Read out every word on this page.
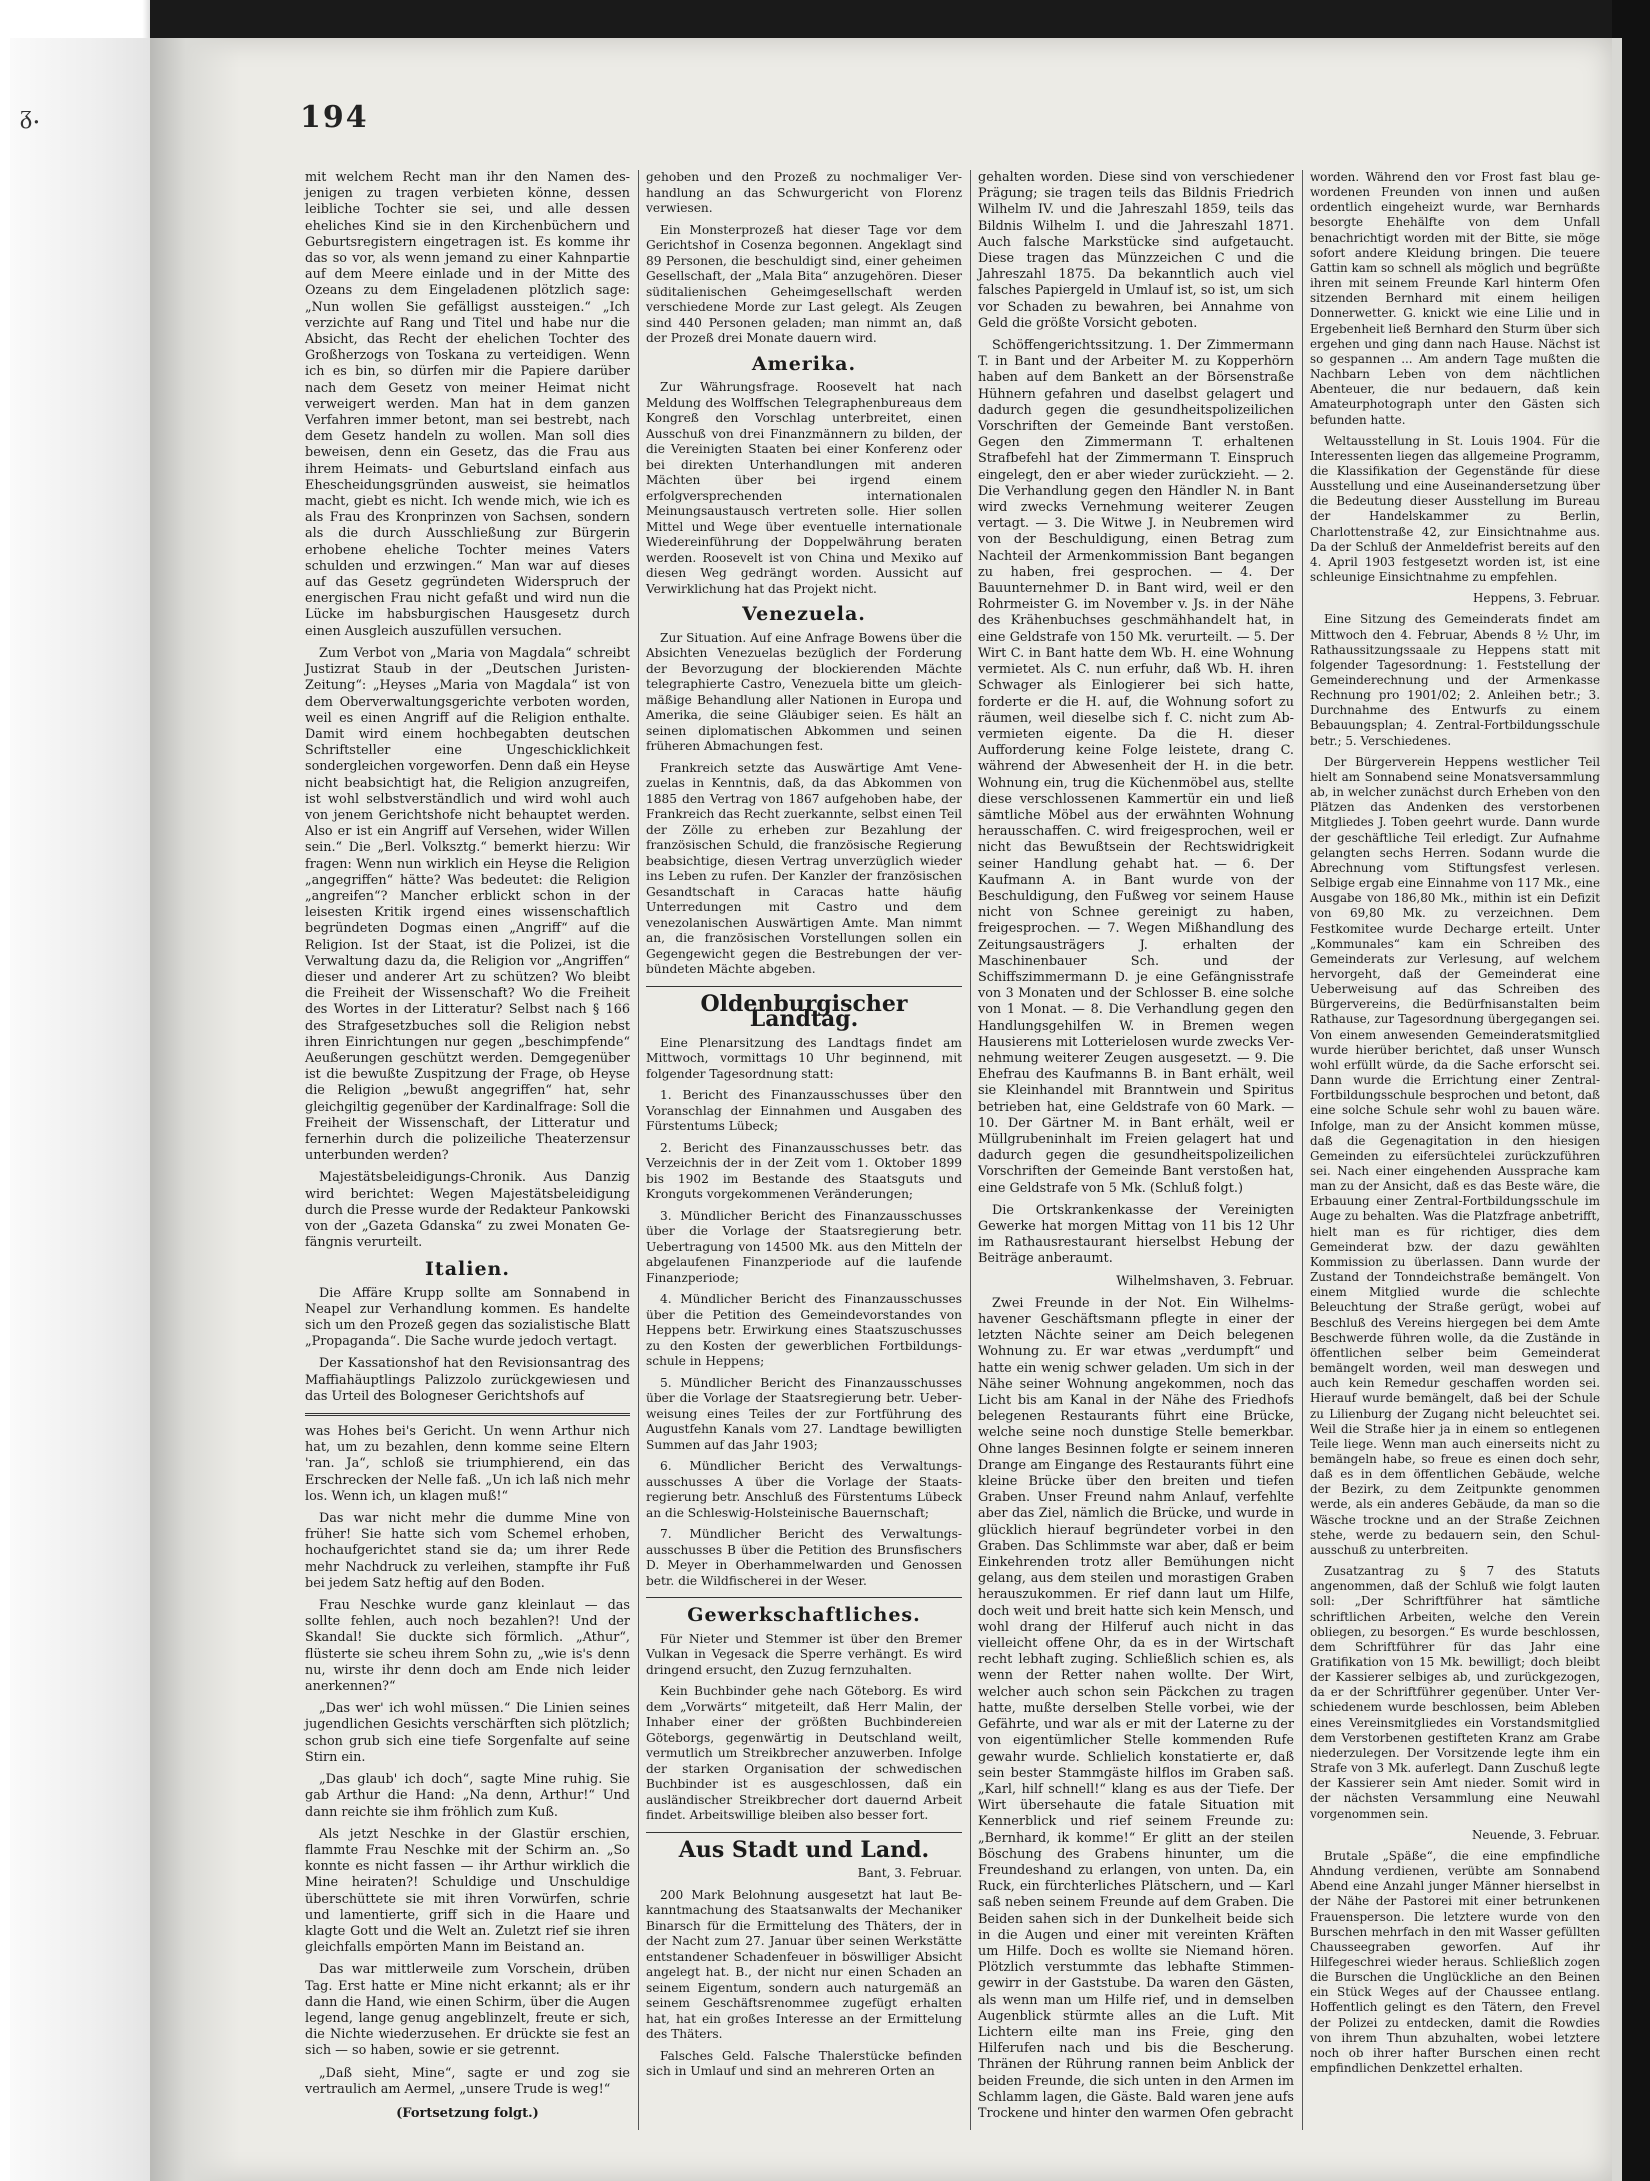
ᵹ.	194

mit welchem Recht man ihr den Namen desjenigen zu tragen verbieten könne, dessen leibliche Tochter sie sei, und alle dessen eheliches Kind sie in den Kirchenbüchern und Geburtsregistern eingetragen ist. Es komme ihr das so vor, als wenn jemand zu einer Kahnpartie auf dem Meere einlade und in der Mitte des Ozeans zu dem Eingeladenen plötzlich sage: „Nun wollen Sie gefälligst aussteigen.“ „Ich verzichte auf Rang und Titel und habe nur die Absicht, das Recht der ehelichen Tochter des Großherzogs von Toskana zu verteidigen. Wenn ich es bin, so dürfen mir die Papiere darüber nach dem Gesetz von meiner Heimat nicht verweigert werden. Man hat in dem ganzen Verfahren immer betont, man sei bestrebt, nach dem Gesetz handeln zu wollen. Man soll dies beweisen, denn ein Gesetz, das die Frau aus ihrem Heimats- und Geburtsland einfach aus Ehescheidungsgründen ausweist, sie heimatlos macht, giebt es nicht. Ich wende mich, wie ich es als Frau des Kronprinzen von Sachsen, sondern als die durch Ausschließung zur Bürgerin erhobene eheliche Tochter meines Vaters schulden und erzwingen.“ Man war auf dieses auf das Gesetz gegründeten Widerspruch der energischen Frau nicht gefaßt und wird nun die Lücke im habsburgischen Hausgesetz durch einen Ausgleich auszufüllen versuchen.

Zum Verbot von „Maria von Magdala“ schreibt Justizrat Staub in der „Deutschen Juristen-Zeitung“: „Heyses „Maria von Magdala“ ist von dem Oberverwaltungsgerichte verboten worden, weil es einen Angriff auf die Religion enthalte. Damit wird einem hochbegabten deutschen Schriftsteller eine Ungeschicklichkeit sondergleichen vorgeworfen. Denn daß ein Heyse nicht beabsichtigt hat, die Religion anzugreifen, ist wohl selbstverständlich und wird wohl auch von jenem Gerichtshofe nicht behauptet werden. Also er ist ein Angriff auf Versehen, wider Willen sein.“ Die „Berl. Volksztg.“ bemerkt hierzu: Wir fragen: Wenn nun wirklich ein Heyse die Religion „angegriffen“ hätte? Was bedeutet: die Religion „angreifen“? Mancher erblickt schon in der leisesten Kritik irgend eines wissenschaftlich begründeten Dogmas einen „Angriff“ auf die Religion. Ist der Staat, ist die Polizei, ist die Verwaltung dazu da, die Religion vor „Angriffen“ dieser und anderer Art zu schützen? Wo bleibt die Freiheit der Wissenschaft? Wo die Freiheit des Wortes in der Litteratur? Selbst nach § 166 des Strafgesetzbuches soll die Religion nebst ihren Einrichtungen nur gegen „beschimpfende“ Aeußerungen geschützt werden. Demgegenüber ist die bewußte Zuspitzung der Frage, ob Heyse die Religion „bewußt angegriffen“ hat, sehr gleichgiltig gegenüber der Kardinalfrage: Soll die Freiheit der Wissenschaft, der Litteratur und fernerhin durch die polizeiliche Theaterzensur unterbunden werden?

Majestätsbeleidigungs-Chronik. Aus Danzig wird berichtet: Wegen Majestätsbeleidigung durch die Presse wurde der Redakteur Pankowski von der „Gazeta Gdanska“ zu zwei Monaten Gefängnis verurteilt.

Italien.

Die Affäre Krupp sollte am Sonnabend in Neapel zur Verhandlung kommen. Es handelte sich um den Prozeß gegen das sozialistische Blatt „Propaganda“. Die Sache wurde jedoch vertagt.

Der Kassationshof hat den Revisionsantrag des Maffiahäuptlings Palizzolo zurückgewiesen und das Urteil des Bologneser Gerichtshofs auf

was Hohes bei's Gericht. Un wenn Arthur nich hat, um zu bezahlen, denn komme seine Eltern 'ran. Ja“, schloß sie triumphierend, ein das Erschrecken der Nelle faß. „Un ich laß nich mehr los. Wenn ich, un klagen muß!“

Das war nicht mehr die dumme Mine von früher! Sie hatte sich vom Schemel erhoben, hochaufgerichtet stand sie da; um ihrer Rede mehr Nachdruck zu verleihen, stampfte ihr Fuß bei jedem Satz heftig auf den Boden.

Frau Neschke wurde ganz kleinlaut — das sollte fehlen, auch noch bezahlen?! Und der Skandal! Sie duckte sich förmlich. „Athur“, flüsterte sie scheu ihrem Sohn zu, „wie is's denn nu, wirste ihr denn doch am Ende nich leider anerkennen?“

„Das wer' ich wohl müssen.“ Die Linien seines jugendlichen Gesichts verschärften sich plötzlich; schon grub sich eine tiefe Sorgenfalte auf seine Stirn ein.

„Das glaub' ich doch“, sagte Mine ruhig. Sie gab Arthur die Hand: „Na denn, Arthur!“ Und dann reichte sie ihm fröhlich zum Kuß.

Als jetzt Neschke in der Glastür erschien, flammte Frau Neschke mit der Schirm an. „So konnte es nicht fassen — ihr Arthur wirklich die Mine heiraten?! Schuldige und Unschuldige überschüttete sie mit ihren Vorwürfen, schrie und lamentierte, griff sich in die Haare und klagte Gott und die Welt an. Zuletzt rief sie ihren gleichfalls empörten Mann im Beistand an.

Das war mittlerweile zum Vorschein, drüben Tag. Erst hatte er Mine nicht erkannt; als er ihr dann die Hand, wie einen Schirm, über die Augen legend, lange genug angeblinzelt, freute er sich, die Nichte wiederzusehen. Er drückte sie fest an sich — so haben, sowie er sie getrennt.

„Daß sieht, Mine“, sagte er und zog sie vertraulich am Aermel, „unsere Trude is weg!“

(Fortsetzung folgt.)

gehoben und den Prozeß zu nochmaliger Verhandlung an das Schwurgericht von Florenz verwiesen.

Ein Monsterprozeß hat dieser Tage vor dem Gerichtshof in Cosenza begonnen. Angeklagt sind 89 Personen, die beschuldigt sind, einer geheimen Gesellschaft, der „Mala Bita“ anzugehören. Dieser süditalienischen Geheimgesellschaft werden verschiedene Morde zur Last gelegt. Als Zeugen sind 440 Personen geladen; man nimmt an, daß der Prozeß drei Monate dauern wird.

Amerika.

Zur Währungsfrage. Roosevelt hat nach Meldung des Wolffschen Telegraphenbureaus dem Kongreß den Vorschlag unterbreitet, einen Ausschuß von drei Finanzmännern zu bilden, der die Vereinigten Staaten bei einer Konferenz oder bei direkten Unterhandlungen mit anderen Mächten über bei irgend einem erfolgversprechenden internationalen Meinungsaustausch vertreten solle. Hier sollen Mittel und Wege über eventuelle internationale Wiedereinführung der Doppelwährung beraten werden. Roosevelt ist von China und Mexiko auf diesen Weg gedrängt worden. Aussicht auf Verwirklichung hat das Projekt nicht.

Venezuela.

Zur Situation. Auf eine Anfrage Bowens über die Absichten Venezuelas bezüglich der Forderung der Bevorzugung der blockierenden Mächte telegraphierte Castro, Venezuela bitte um gleichmäßige Behandlung aller Nationen in Europa und Amerika, die seine Gläubiger seien. Es hält an seinen diplomatischen Abkommen und seinen früheren Abmachungen fest.

Frankreich setzte das Auswärtige Amt Venezuelas in Kenntnis, daß, da das Abkommen von 1885 den Vertrag von 1867 aufgehoben habe, der Frankreich das Recht zuerkannte, selbst einen Teil der Zölle zu erheben zur Bezahlung der französischen Schuld, die französische Regierung beabsichtige, diesen Vertrag unverzüglich wieder ins Leben zu rufen. Der Kanzler der französischen Gesandtschaft in Caracas hatte häufig Unterredungen mit Castro und dem venezolanischen Auswärtigen Amte. Man nimmt an, die französischen Vorstellungen sollen ein Gegengewicht gegen die Bestrebungen der verbündeten Mächte abgeben.

Oldenburgischer Landtag.

Eine Plenarsitzung des Landtags findet am Mittwoch, vormittags 10 Uhr beginnend, mit folgender Tagesordnung statt:

1. Bericht des Finanzausschusses über den Voranschlag der Einnahmen und Ausgaben des Fürstentums Lübeck;

2. Bericht des Finanzausschusses betr. das Verzeichnis der in der Zeit vom 1. Oktober 1899 bis 1902 im Bestande des Staatsguts und Kronguts vorgekommenen Veränderungen;

3. Mündlicher Bericht des Finanzausschusses über die Vorlage der Staatsregierung betr. Uebertragung von 14500 Mk. aus den Mitteln der abgelaufenen Finanzperiode auf die laufende Finanzperiode;

4. Mündlicher Bericht des Finanzausschusses über die Petition des Gemeindevorstandes von Heppens betr. Erwirkung eines Staatszuschusses zu den Kosten der gewerblichen Fortbildungsschule in Heppens;

5. Mündlicher Bericht des Finanzausschusses über die Vorlage der Staatsregierung betr. Ueberweisung eines Teiles der zur Fortführung des Augustfehn Kanals vom 27. Landtage bewilligten Summen auf das Jahr 1903;

6. Mündlicher Bericht des Verwaltungsausschusses A über die Vorlage der Staatsregierung betr. Anschluß des Fürstentums Lübeck an die Schleswig-Holsteinische Bauernschaft;

7. Mündlicher Bericht des Verwaltungsausschusses B über die Petition des Brunsfischers D. Meyer in Oberhammelwarden und Genossen betr. die Wildfischerei in der Weser.

Gewerkschaftliches.

Für Nieter und Stemmer ist über den Bremer Vulkan in Vegesack die Sperre verhängt. Es wird dringend ersucht, den Zuzug fernzuhalten.

Kein Buchbinder gehe nach Göteborg. Es wird dem „Vorwärts“ mitgeteilt, daß Herr Malin, der Inhaber einer der größten Buchbindereien Göteborgs, gegenwärtig in Deutschland weilt, vermutlich um Streikbrecher anzuwerben. Infolge der starken Organisation der schwedischen Buchbinder ist es ausgeschlossen, daß ein ausländischer Streikbrecher dort dauernd Arbeit findet. Arbeitswillige bleiben also besser fort.

Aus Stadt und Land.

Bant, 3. Februar.

200 Mark Belohnung ausgesetzt hat laut Bekanntmachung des Staatsanwalts der Mechaniker Binarsch für die Ermittelung des Thäters, der in der Nacht zum 27. Januar über seinen Werkstätte entstandener Schadenfeuer in böswilliger Absicht angelegt hat. B., der nicht nur einen Schaden an seinem Eigentum, sondern auch naturgemäß an seinem Geschäftsrenommee zugefügt erhalten hat, hat ein großes Interesse an der Ermittelung des Thäters.

Falsches Geld. Falsche Thalerstücke befinden sich in Umlauf und sind an mehreren Orten an

gehalten worden. Diese sind von verschiedener Prägung; sie tragen teils das Bildnis Friedrich Wilhelm IV. und die Jahreszahl 1859, teils das Bildnis Wilhelm I. und die Jahreszahl 1871. Auch falsche Markstücke sind aufgetaucht. Diese tragen das Münzzeichen C und die Jahreszahl 1875. Da bekanntlich auch viel falsches Papiergeld in Umlauf ist, so ist, um sich vor Schaden zu bewahren, bei Annahme von Geld die größte Vorsicht geboten.

Schöffengerichtssitzung. 1. Der Zimmermann T. in Bant und der Arbeiter M. zu Kopperhörn haben auf dem Bankett an der Börsenstraße Hühnern gefahren und daselbst gelagert und dadurch gegen die gesundheitspolizeilichen Vorschriften der Gemeinde Bant verstoßen. Gegen den Zimmermann T. erhaltenen Strafbefehl hat der Zimmermann T. Einspruch eingelegt, den er aber wieder zurückzieht. — 2. Die Verhandlung gegen den Händler N. in Bant wird zwecks Vernehmung weiterer Zeugen vertagt. — 3. Die Witwe J. in Neubremen wird von der Beschuldigung, einen Betrag zum Nachteil der Armenkommission Bant begangen zu haben, frei gesprochen. — 4. Der Bauunternehmer D. in Bant wird, weil er den Rohrmeister G. im November v. Js. in der Nähe des Krähenbuchses geschmähhandelt hat, in eine Geldstrafe von 150 Mk. verurteilt. — 5. Der Wirt C. in Bant hatte dem Wb. H. eine Wohnung vermietet. Als C. nun erfuhr, daß Wb. H. ihren Schwager als Einlogierer bei sich hatte, forderte er die H. auf, die Wohnung sofort zu räumen, weil dieselbe sich f. C. nicht zum Abvermieten eigente. Da die H. dieser Aufforderung keine Folge leistete, drang C. während der Abwesenheit der H. in die betr. Wohnung ein, trug die Küchenmöbel aus, stellte diese verschlossenen Kammertür ein und ließ sämtliche Möbel aus der erwähnten Wohnung herausschaffen. C. wird freigesprochen, weil er nicht das Bewußtsein der Rechtswidrigkeit seiner Handlung gehabt hat. — 6. Der Kaufmann A. in Bant wurde von der Beschuldigung, den Fußweg vor seinem Hause nicht von Schnee gereinigt zu haben, freigesprochen. — 7. Wegen Mißhandlung des Zeitungsausträgers J. erhalten der Maschinenbauer Sch. und der Schiffszimmermann D. je eine Gefängnisstrafe von 3 Monaten und der Schlosser B. eine solche von 1 Monat. — 8. Die Verhandlung gegen den Handlungsgehilfen W. in Bremen wegen Hausierens mit Lotterielosen wurde zwecks Vernehmung weiterer Zeugen ausgesetzt. — 9. Die Ehefrau des Kaufmanns B. in Bant erhält, weil sie Kleinhandel mit Branntwein und Spiritus betrieben hat, eine Geldstrafe von 60 Mark. — 10. Der Gärtner M. in Bant erhält, weil er Müllgrubeninhalt im Freien gelagert hat und dadurch gegen die gesundheitspolizeilichen Vorschriften der Gemeinde Bant verstoßen hat, eine Geldstrafe von 5 Mk. (Schluß folgt.)

Die Ortskrankenkasse der Vereinigten Gewerke hat morgen Mittag von 11 bis 12 Uhr im Rathausrestaurant hierselbst Hebung der Beiträge anberaumt.

Wilhelmshaven, 3. Februar.

Zwei Freunde in der Not. Ein Wilhelmshavener Geschäftsmann pflegte in einer der letzten Nächte seiner am Deich belegenen Wohnung zu. Er war etwas „verdumpft“ und hatte ein wenig schwer geladen. Um sich in der Nähe seiner Wohnung angekommen, noch das Licht bis am Kanal in der Nähe des Friedhofs belegenen Restaurants führt eine Brücke, welche seine noch dunstige Stelle bemerkbar. Ohne langes Besinnen folgte er seinem inneren Drange am Eingange des Restaurants führt eine kleine Brücke über den breiten und tiefen Graben. Unser Freund nahm Anlauf, verfehlte aber das Ziel, nämlich die Brücke, und wurde in glücklich hierauf begründeter vorbei in den Graben. Das Schlimmste war aber, daß er beim Einkehrenden trotz aller Bemühungen nicht gelang, aus dem steilen und morastigen Graben herauszukommen. Er rief dann laut um Hilfe, doch weit und breit hatte sich kein Mensch, und wohl drang der Hilferuf auch nicht in das vielleicht offene Ohr, da es in der Wirtschaft recht lebhaft zuging. Schließlich schien es, als wenn der Retter nahen wollte. Der Wirt, welcher auch schon sein Päckchen zu tragen hatte, mußte derselben Stelle vorbei, wie der Gefährte, und war als er mit der Laterne zu der von eigentümlicher Stelle kommenden Rufe gewahr wurde. Schlielich konstatierte er, daß sein bester Stammgäste hilflos im Graben saß. „Karl, hilf schnell!“ klang es aus der Tiefe. Der Wirt übersehaute die fatale Situation mit Kennerblick und rief seinem Freunde zu: „Bernhard, ik komme!“ Er glitt an der steilen Böschung des Grabens hinunter, um die Freundeshand zu erlangen, von unten. Da, ein Ruck, ein fürchterliches Plätschern, und — Karl saß neben seinem Freunde auf dem Graben. Die Beiden sahen sich in der Dunkelheit beide sich in die Augen und einer mit vereinten Kräften um Hilfe. Doch es wollte sie Niemand hören. Plötzlich verstummte das lebhafte Stimmengewirr in der Gaststube. Da waren den Gästen, als wenn man um Hilfe rief, und in demselben Augenblick stürmte alles an die Luft. Mit Lichtern eilte man ins Freie, ging den Hilferufen nach und bis die Bescherung. Thränen der Rührung rannen beim Anblick der beiden Freunde, die sich unten in den Armen im Schlamm lagen, die Gäste. Bald waren jene aufs Trockene und hinter den warmen Ofen gebracht

worden. Während den vor Frost fast blau gewordenen Freunden von innen und außen ordentlich eingeheizt wurde, war Bernhards besorgte Ehehälfte von dem Unfall benachrichtigt worden mit der Bitte, sie möge sofort andere Kleidung bringen. Die teuere Gattin kam so schnell als möglich und begrüßte ihren mit seinem Freunde Karl hinterm Ofen sitzenden Bernhard mit einem heiligen Donnerwetter. G. knickt wie eine Lilie und in Ergebenheit ließ Bernhard den Sturm über sich ergehen und ging dann nach Hause. Nächst ist so gespannen ... Am andern Tage mußten die Nachbarn Leben von dem nächtlichen Abenteuer, die nur bedauern, daß kein Amateurphotograph unter den Gästen sich befunden hatte.

Weltausstellung in St. Louis 1904. Für die Interessenten liegen das allgemeine Programm, die Klassifikation der Gegenstände für diese Ausstellung und eine Auseinandersetzung über die Bedeutung dieser Ausstellung im Bureau der Handelskammer zu Berlin, Charlottenstraße 42, zur Einsichtnahme aus. Da der Schluß der Anmeldefrist bereits auf den 4. April 1903 festgesetzt worden ist, ist eine schleunige Einsichtnahme zu empfehlen.

Heppens, 3. Februar.

Eine Sitzung des Gemeinderats findet am Mittwoch den 4. Februar, Abends 8 ½ Uhr, im Rathaussitzungssaale zu Heppens statt mit folgender Tagesordnung: 1. Feststellung der Gemeinderechnung und der Armenkasse Rechnung pro 1901/02; 2. Anleihen betr.; 3. Durchnahme des Entwurfs zu einem Bebauungsplan; 4. Zentral-Fortbildungsschule betr.; 5. Verschiedenes.

Der Bürgerverein Heppens westlicher Teil hielt am Sonnabend seine Monatsversammlung ab, in welcher zunächst durch Erheben von den Plätzen das Andenken des verstorbenen Mitgliedes J. Toben geehrt wurde. Dann wurde der geschäftliche Teil erledigt. Zur Aufnahme gelangten sechs Herren. Sodann wurde die Abrechnung vom Stiftungsfest verlesen. Selbige ergab eine Einnahme von 117 Mk., eine Ausgabe von 186,80 Mk., mithin ist ein Defizit von 69,80 Mk. zu verzeichnen. Dem Festkomitee wurde Decharge erteilt. Unter „Kommunales“ kam ein Schreiben des Gemeinderats zur Verlesung, auf welchem hervorgeht, daß der Gemeinderat eine Ueberweisung auf das Schreiben des Bürgervereins, die Bedürfnisanstalten beim Rathause, zur Tagesordnung übergegangen sei. Von einem anwesenden Gemeinderatsmitglied wurde hierüber berichtet, daß unser Wunsch wohl erfüllt würde, da die Sache erforscht sei. Dann wurde die Errichtung einer Zentral-Fortbildungsschule besprochen und betont, daß eine solche Schule sehr wohl zu bauen wäre. Infolge, man zu der Ansicht kommen müsse, daß die Gegenagitation in den hiesigen Gemeinden zu eifersüchtelei zurückzuführen sei. Nach einer eingehenden Aussprache kam man zu der Ansicht, daß es das Beste wäre, die Erbauung einer Zentral-Fortbildungsschule im Auge zu behalten. Was die Platzfrage anbetrifft, hielt man es für richtiger, dies dem Gemeinderat bzw. der dazu gewählten Kommission zu überlassen. Dann wurde der Zustand der Tonndeichstraße bemängelt. Von einem Mitglied wurde die schlechte Beleuchtung der Straße gerügt, wobei auf Beschluß des Vereins hiergegen bei dem Amte Beschwerde führen wolle, da die Zustände in öffentlichen selber beim Gemeinderat bemängelt worden, weil man deswegen und auch kein Remedur geschaffen worden sei. Hierauf wurde bemängelt, daß bei der Schule zu Lilienburg der Zugang nicht beleuchtet sei. Weil die Straße hier ja in einem so entlegenen Teile liege. Wenn man auch einerseits nicht zu bemängeln habe, so freue es einen doch sehr, daß es in dem öffentlichen Gebäude, welche der Bezirk, zu dem Zeitpunkte genommen werde, als ein anderes Gebäude, da man so die Wäsche trockne und an der Straße Zeichnen stehe, werde zu bedauern sein, den Schulausschuß zu unterbreiten.

Zusatzantrag zu § 7 des Statuts angenommen, daß der Schluß wie folgt lauten soll: „Der Schriftführer hat sämtliche schriftlichen Arbeiten, welche den Verein obliegen, zu besorgen.“ Es wurde beschlossen, dem Schriftführer für das Jahr eine Gratifikation von 15 Mk. bewilligt; doch bleibt der Kassierer selbiges ab, und zurückgezogen, da er der Schriftführer gegenüber. Unter Verschiedenem wurde beschlossen, beim Ableben eines Vereinsmitgliedes ein Vorstandsmitglied dem Verstorbenen gestifteten Kranz am Grabe niederzulegen. Der Vorsitzende legte ihm ein Strafe von 3 Mk. auferlegt. Dann Zuschuß legte der Kassierer sein Amt nieder. Somit wird in der nächsten Versammlung eine Neuwahl vorgenommen sein.

Neuende, 3. Februar.

Brutale „Späße“, die eine empfindliche Ahndung verdienen, verübte am Sonnabend Abend eine Anzahl junger Männer hierselbst in der Nähe der Pastorei mit einer betrunkenen Frauensperson. Die letztere wurde von den Burschen mehrfach in den mit Wasser gefüllten Chausseegraben geworfen. Auf ihr Hilfegeschrei wieder heraus. Schließlich zogen die Burschen die Unglückliche an den Beinen ein Stück Weges auf der Chaussee entlang. Hoffentlich gelingt es den Tätern, den Frevel der Polizei zu entdecken, damit die Rowdies von ihrem Thun abzuhalten, wobei letztere noch ob ihrer hafter Burschen einen recht empfindlichen Denkzettel erhalten.
